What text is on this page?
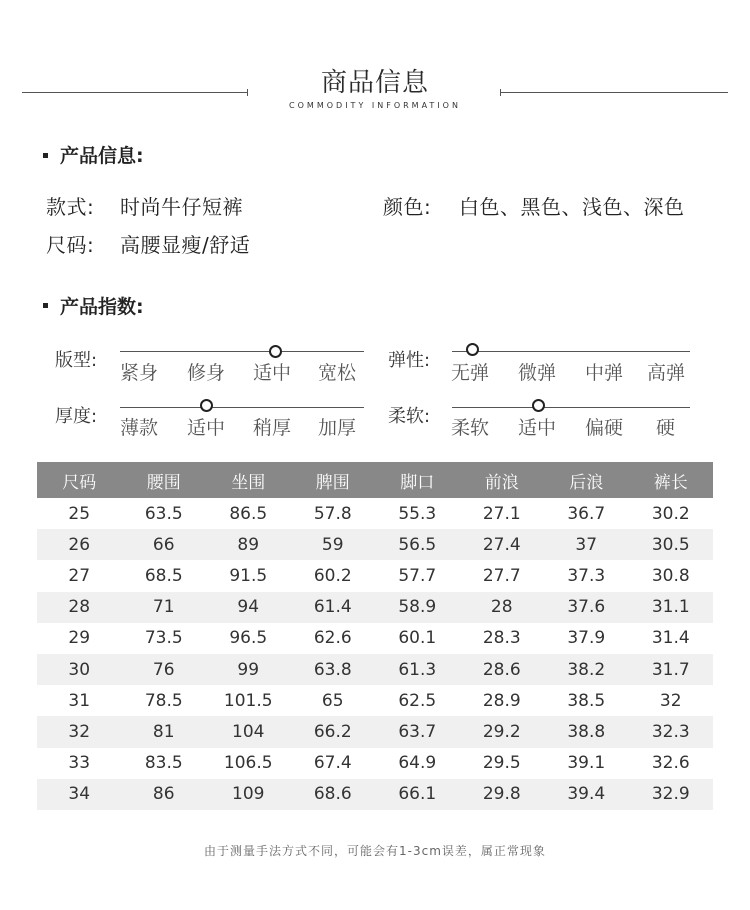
商品信息
COMMODITY INFORMATION
产品信息:
款式: 时尚牛仔短裤	颜色: 白色、黑色、浅色、深色
尺码: 高腰显瘦/舒适
产品指数:
版型:
紧身 修身 适中 宽松
弹性:
无弹 微弹 中弹 高弹
厚度:
薄款 适中 稍厚 加厚
柔软:
柔软 适中 偏硬 硬
尺码	腰围	坐围	脾围	脚口	前浪	后浪	裤长
25	63.5	86.5	57.8	55.3	27.1	36.7	30.2
26	66	89	59	56.5	27.4	37	30.5
27	68.5	91.5	60.2	57.7	27.7	37.3	30.8
28	71	94	61.4	58.9	28	37.6	31.1
29	73.5	96.5	62.6	60.1	28.3	37.9	31.4
30	76	99	63.8	61.3	28.6	38.2	31.7
31	78.5	101.5	65	62.5	28.9	38.5	32
32	81	104	66.2	63.7	29.2	38.8	32.3
33	83.5	106.5	67.4	64.9	29.5	39.1	32.6
34	86	109	68.6	66.1	29.8	39.4	32.9
由于测量手法方式不同，可能会有1-3cm误差，属正常现象
